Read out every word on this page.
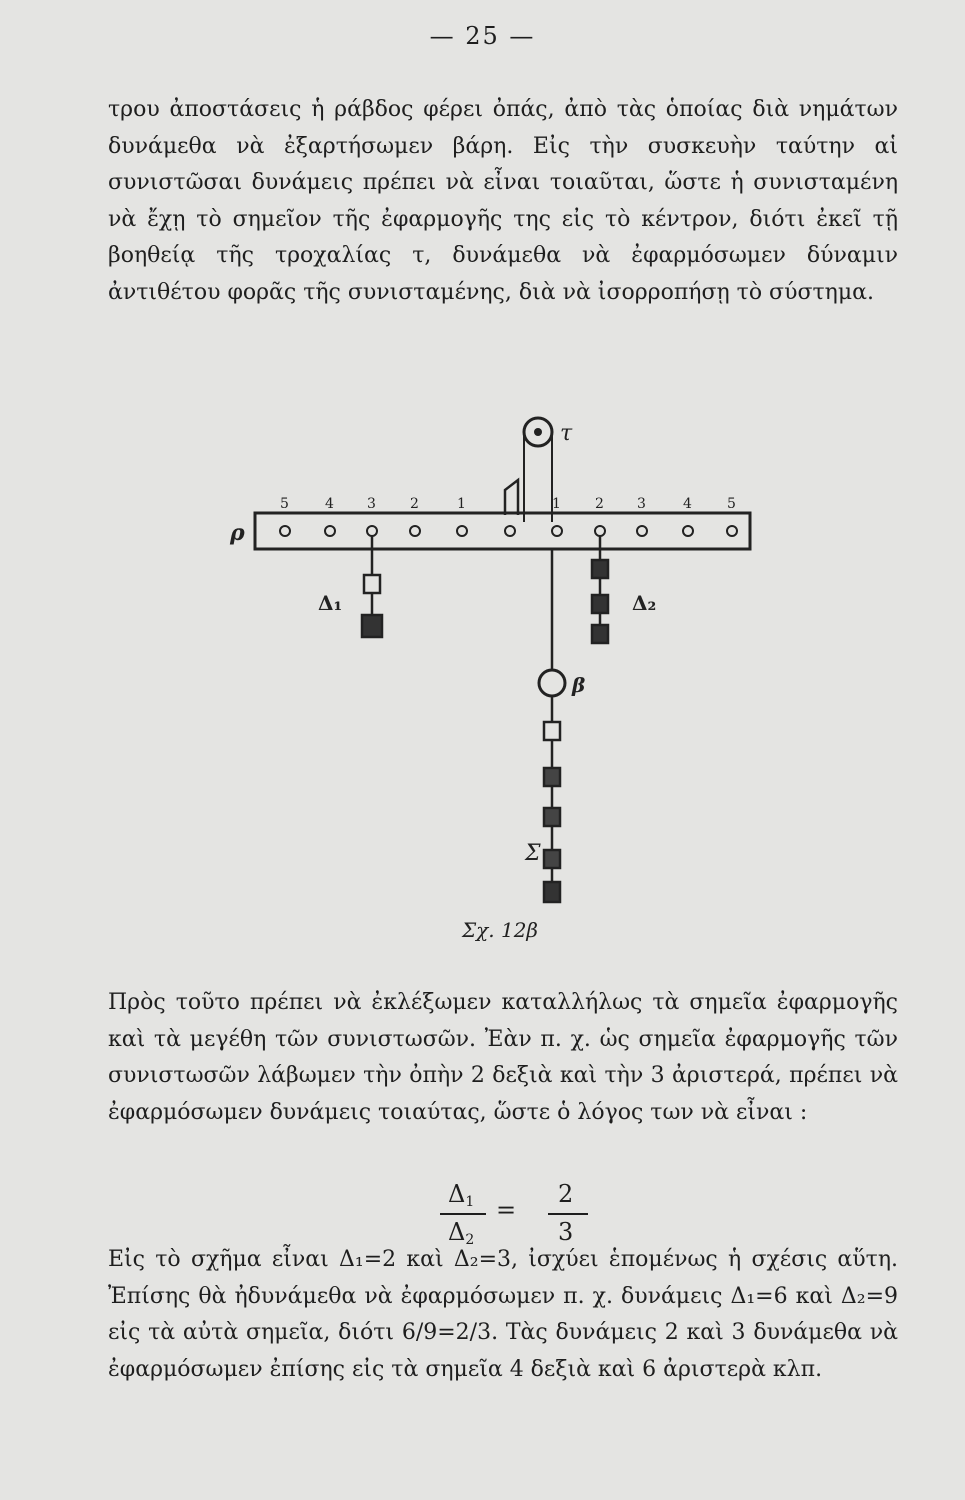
— 25 —
τρου ἀποστάσεις ἡ ράβδος φέρει ὀπάς, ἀπὸ τὰς ὁποίας διὰ νημάτων δυνάμεθα νὰ ἐξαρτήσωμεν βάρη. Εἰς τὴν συσκευὴν ταύτην αἱ συνιστῶσαι δυνάμεις πρέπει νὰ εἶναι τοιαῦται, ὥστε ἡ συνισταμένη νὰ ἔχῃ τὸ σημεῖον τῆς ἐφαρμογῆς της εἰς τὸ κέντρον, διότι ἐκεῖ τῇ βοηθείᾳ τῆς τροχαλίας τ, δυνάμεθα νὰ ἐφαρμόσωμεν δύναμιν ἀντιθέτου φορᾶς τῆς συνισταμένης, διὰ νὰ ἰσορροπήσῃ τὸ σύστημα.
τ
ρ
5	4 3 2	1	1 2 3	4	5
Δ₁	Δ₂
β
Σ
Σχ. 12β
Πρὸς τοῦτο πρέπει νὰ ἐκλέξωμεν καταλλήλως τὰ σημεῖα ἐφαρμογῆς καὶ τὰ μεγέθη τῶν συνιστωσῶν. Ἐὰν π. χ. ὡς σημεῖα ἐφαρμογῆς τῶν συνιστωσῶν λάβωμεν τὴν ὀπὴν 2 δεξιὰ καὶ τὴν 3 ἀριστερά, πρέπει νὰ ἐφαρμόσωμεν δυνάμεις τοιαύτας, ὥστε ὁ λόγος των νὰ εἶναι :
$\Delta_1$
$\Delta_2$
=
2
3
Εἰς τὸ σχῆμα εἶναι Δ₁=2 καὶ Δ₂=3, ἰσχύει ἑπομένως ἡ σχέσις αὕτη. Ἐπίσης θὰ ἠδυνάμεθα νὰ ἐφαρμόσωμεν π. χ. δυνάμεις Δ₁=6 καὶ Δ₂=9 εἰς τὰ αὐτὰ σημεῖα, διότι 6/9=2/3. Τὰς δυνάμεις 2 καὶ 3 δυνάμεθα νὰ ἐφαρμόσωμεν ἐπίσης εἰς τὰ σημεῖα 4 δεξιὰ καὶ 6 ἀριστερὰ κλπ.
